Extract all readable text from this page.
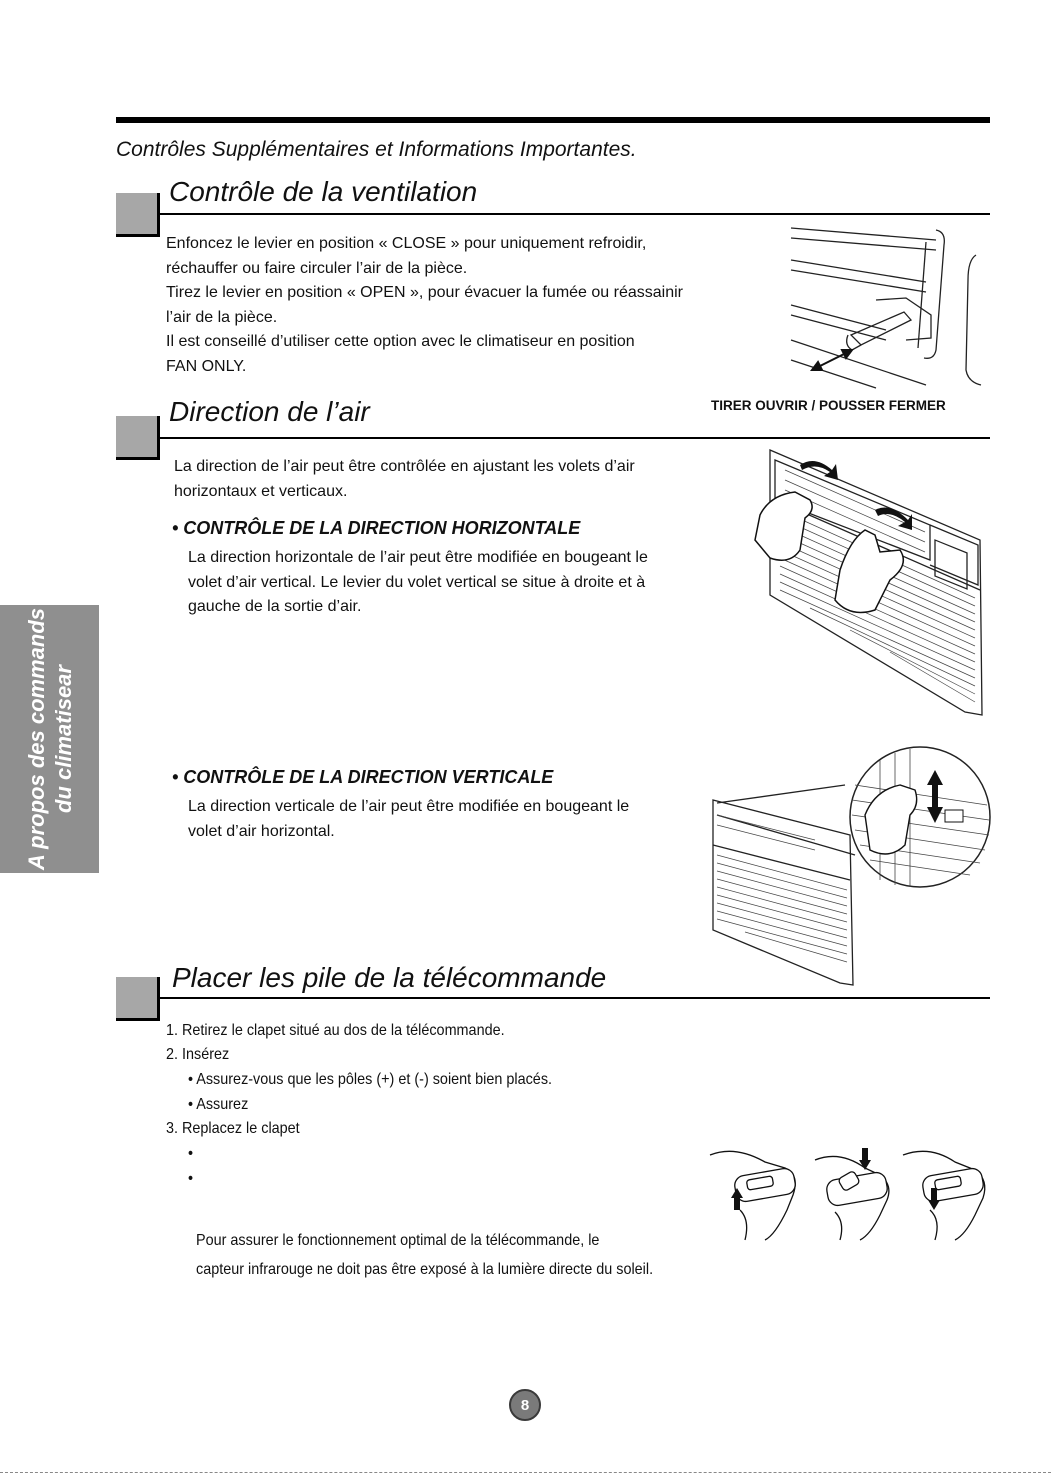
Contrôles Supplémentaires et Informations Importantes.
A propos des commands du climatisear
Contrôle de la ventilation
Enfoncez le levier en position « CLOSE » pour uniquement refroidir,
réchauffer ou faire circuler l’air de la pièce.
Tirez le levier en position « OPEN », pour évacuer la fumée ou réassainir
l’air de la pièce.
Il est conseillé d’utiliser cette option avec le climatiseur en position
FAN ONLY.
TIRER OUVRIR / POUSSER FERMER
Direction de l’air
La direction de l’air peut être contrôlée en ajustant les volets d’air
horizontaux et verticaux.
• CONTRÔLE DE LA DIRECTION HORIZONTALE
La direction horizontale de l’air peut être modifiée en bougeant le
volet d’air vertical. Le levier du volet vertical se situe à droite et à
gauche de la sortie d’air.
• CONTRÔLE DE LA DIRECTION VERTICALE
La direction verticale de l’air peut être modifiée en bougeant le
volet d’air horizontal.
Placer les pile de la télécommande
1. Retirez le clapet situé au dos de la télécommande.
2. Insérez
• Assurez-vous que les pôles (+) et (-) soient bien placés.
• Assurez
3. Replacez le clapet
•
•
Pour assurer le fonctionnement optimal de la télécommande, le
capteur infrarouge ne doit pas être exposé à la lumière directe du soleil.
8
